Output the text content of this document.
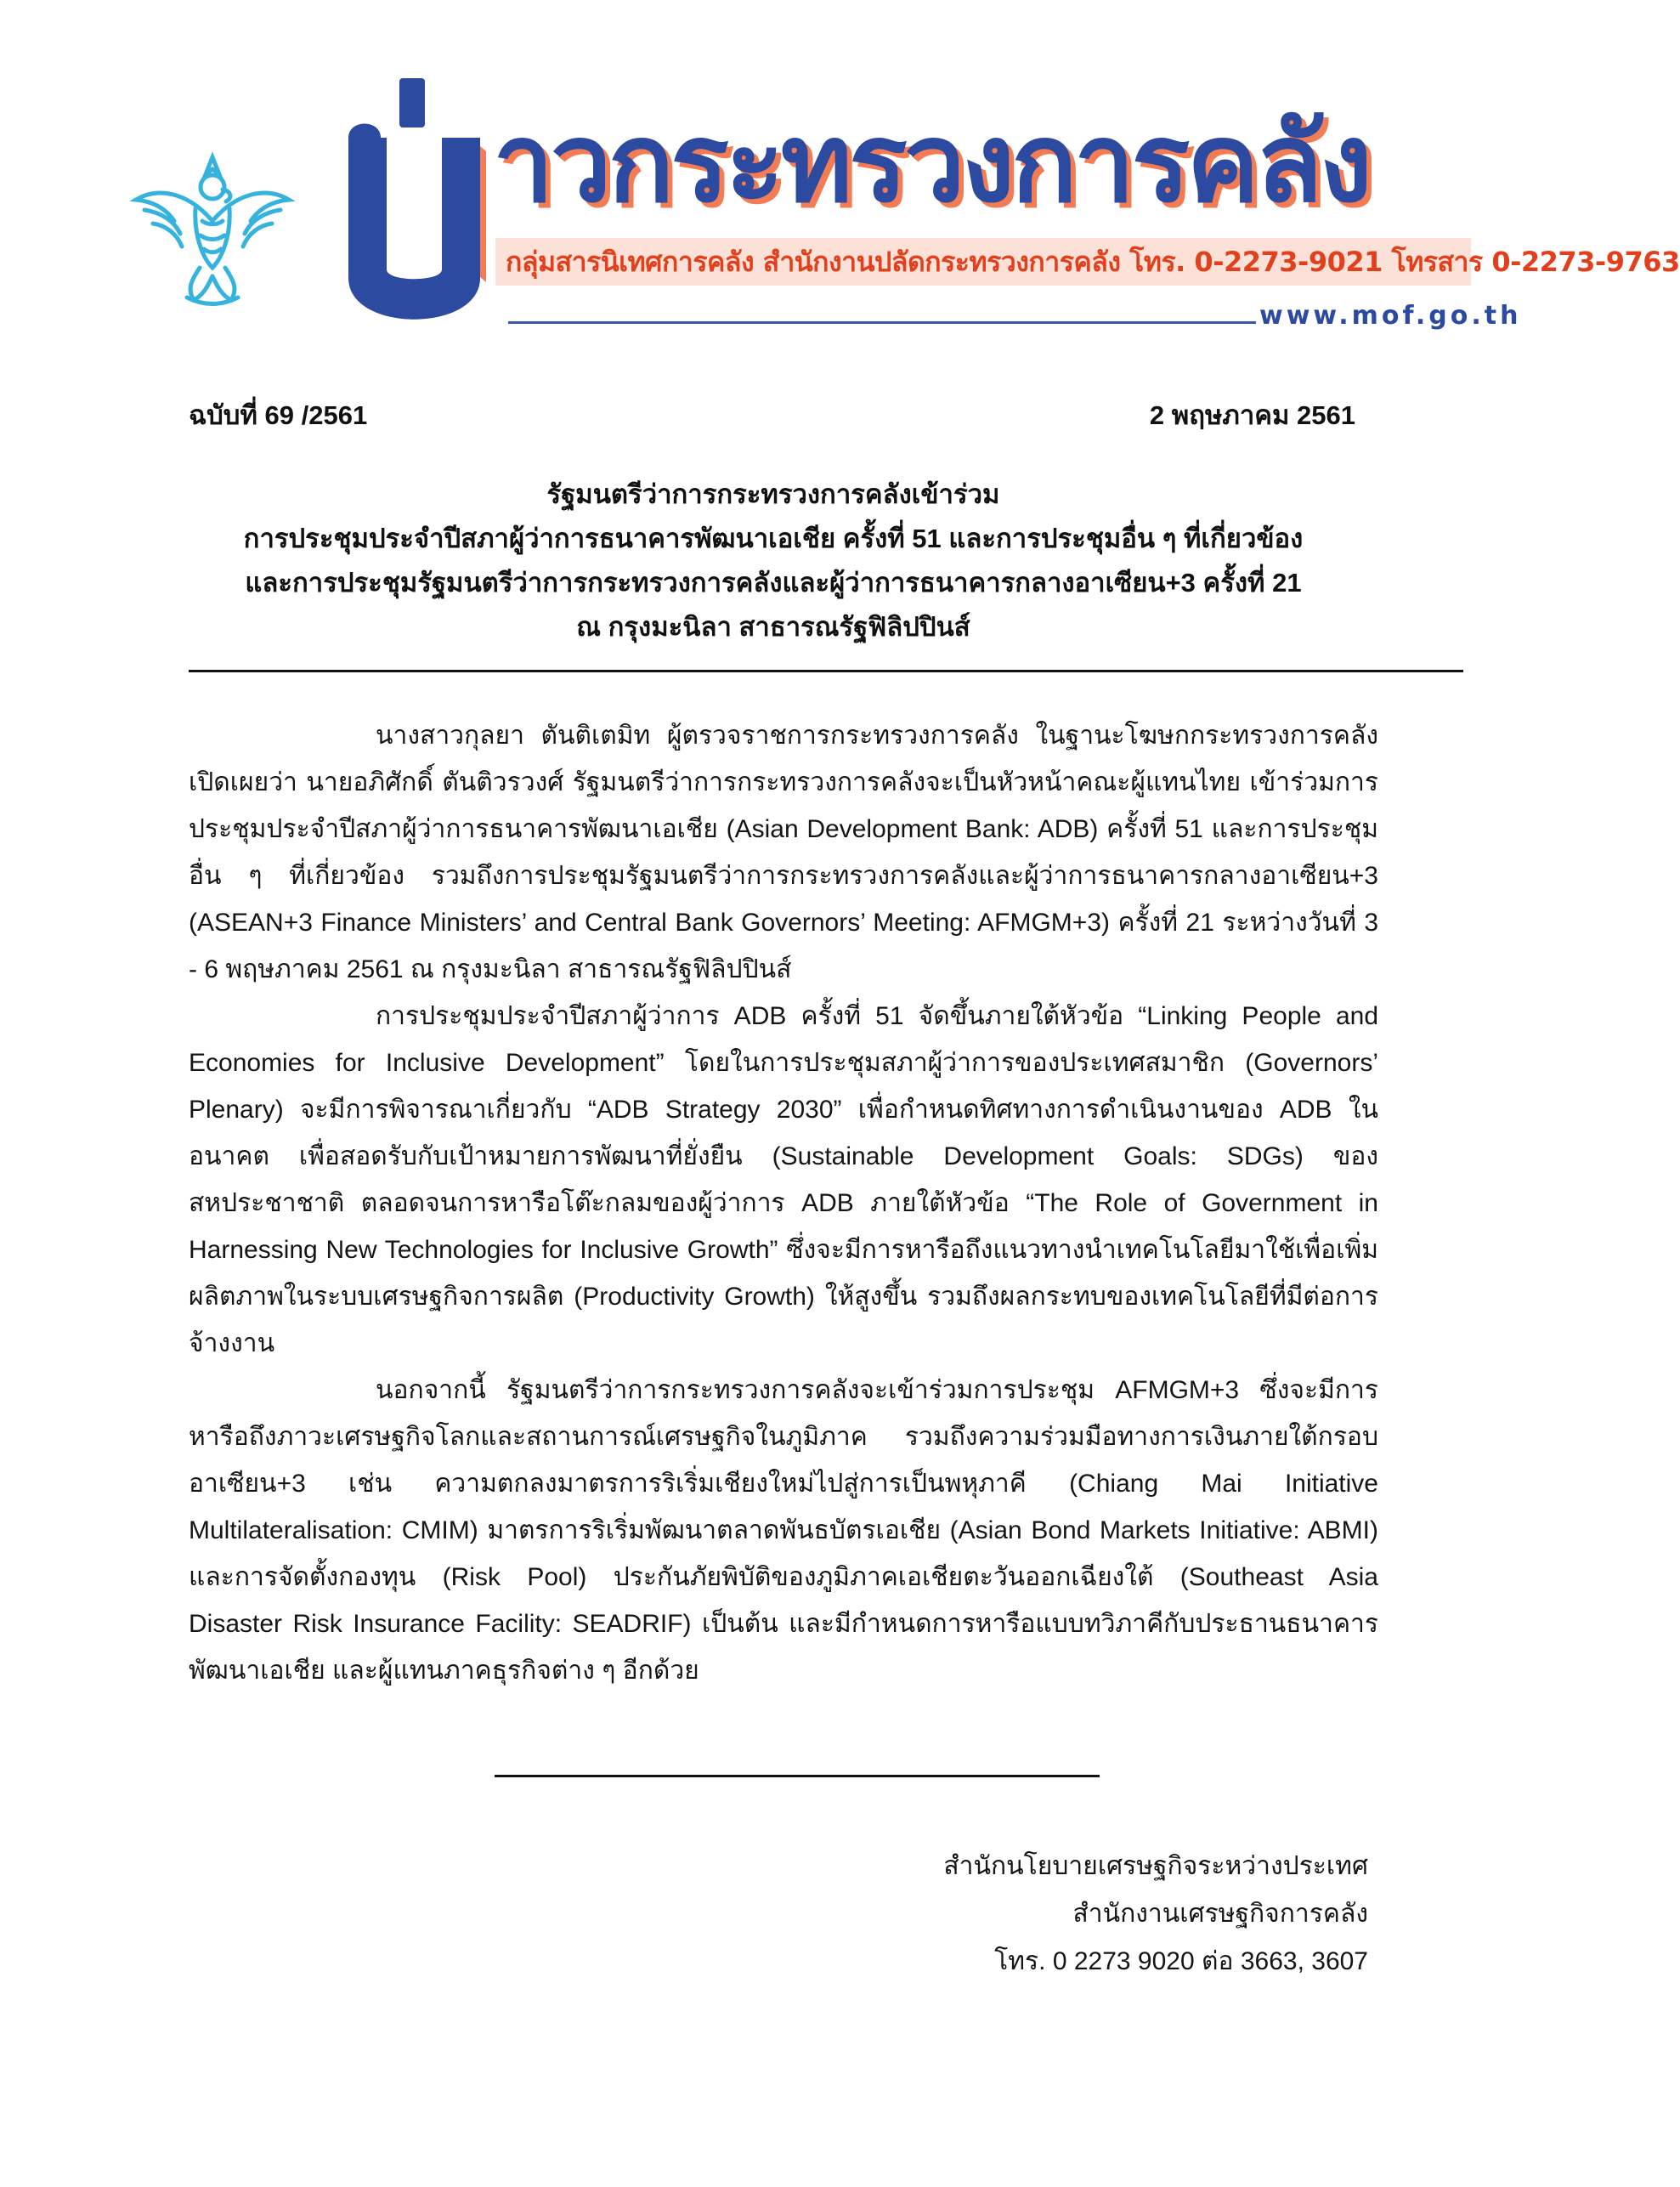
าวกระทรวงการคลัง
กลุ่มสารนิเทศการคลัง สำนักงานปลัดกระทรวงการคลัง โทร. 0-2273-9021 โทรสาร 0-2273-9763
www.mof.go.th
ฉบับที่ 69 /2561	2 พฤษภาคม 2561
รัฐมนตรีว่าการกระทรวงการคลังเข้าร่วม
การประชุมประจำปีสภาผู้ว่าการธนาคารพัฒนาเอเชีย ครั้งที่ 51 และการประชุมอื่น ๆ ที่เกี่ยวข้อง
และการประชุมรัฐมนตรีว่าการกระทรวงการคลังและผู้ว่าการธนาคารกลางอาเซียน+3 ครั้งที่ 21
ณ กรุงมะนิลา สาธารณรัฐฟิลิปปินส์

นางสาวกุลยา ตันติเตมิท ผู้ตรวจราชการกระทรวงการคลัง ในฐานะโฆษกกระทรวงการคลัง เปิดเผยว่า นายอภิศักดิ์ ตันติวรวงศ์ รัฐมนตรีว่าการกระทรวงการคลังจะเป็นหัวหน้าคณะผู้แทนไทย เข้าร่วมการประชุมประจำปีสภาผู้ว่าการธนาคารพัฒนาเอเชีย (Asian Development Bank: ADB) ครั้งที่ 51 และการประชุมอื่น ๆ ที่เกี่ยวข้อง รวมถึงการประชุมรัฐมนตรีว่าการกระทรวงการคลังและผู้ว่าการธนาคารกลางอาเซียน+3 (ASEAN+3 Finance Ministers’ and Central Bank Governors’ Meeting: AFMGM+3) ครั้งที่ 21 ระหว่างวันที่ 3 - 6 พฤษภาคม 2561 ณ กรุงมะนิลา สาธารณรัฐฟิลิปปินส์

การประชุมประจำปีสภาผู้ว่าการ ADB ครั้งที่ 51 จัดขึ้นภายใต้หัวข้อ “Linking People and Economies for Inclusive Development” โดยในการประชุมสภาผู้ว่าการของประเทศสมาชิก (Governors’ Plenary) จะมีการพิจารณาเกี่ยวกับ “ADB Strategy 2030” เพื่อกำหนดทิศทางการดำเนินงานของ ADB ในอนาคต เพื่อสอดรับกับเป้าหมายการพัฒนาที่ยั่งยืน (Sustainable Development Goals: SDGs) ของสหประชาชาติ ตลอดจนการหารือโต๊ะกลมของผู้ว่าการ ADB ภายใต้หัวข้อ “The Role of Government in Harnessing New Technologies for Inclusive Growth” ซึ่งจะมีการหารือถึงแนวทางนำเทคโนโลยีมาใช้เพื่อเพิ่มผลิตภาพในระบบเศรษฐกิจการผลิต (Productivity Growth) ให้สูงขึ้น รวมถึงผลกระทบของเทคโนโลยีที่มีต่อการจ้างงาน

นอกจากนี้ รัฐมนตรีว่าการกระทรวงการคลังจะเข้าร่วมการประชุม AFMGM+3 ซึ่งจะมีการหารือถึงภาวะเศรษฐกิจโลกและสถานการณ์เศรษฐกิจในภูมิภาค รวมถึงความร่วมมือทางการเงินภายใต้กรอบอาเซียน+3 เช่น ความตกลงมาตรการริเริ่มเชียงใหม่ไปสู่การเป็นพหุภาคี (Chiang Mai Initiative Multilateralisation: CMIM) มาตรการริเริ่มพัฒนาตลาดพันธบัตรเอเชีย (Asian Bond Markets Initiative: ABMI) และการจัดตั้งกองทุน (Risk Pool) ประกันภัยพิบัติของภูมิภาคเอเชียตะวันออกเฉียงใต้ (Southeast Asia Disaster Risk Insurance Facility: SEADRIF) เป็นต้น และมีกำหนดการหารือแบบทวิภาคีกับประธานธนาคารพัฒนาเอเชีย และผู้แทนภาคธุรกิจต่าง ๆ อีกด้วย

สำนักนโยบายเศรษฐกิจระหว่างประเทศ
สำนักงานเศรษฐกิจการคลัง
โทร. 0 2273 9020 ต่อ 3663, 3607
